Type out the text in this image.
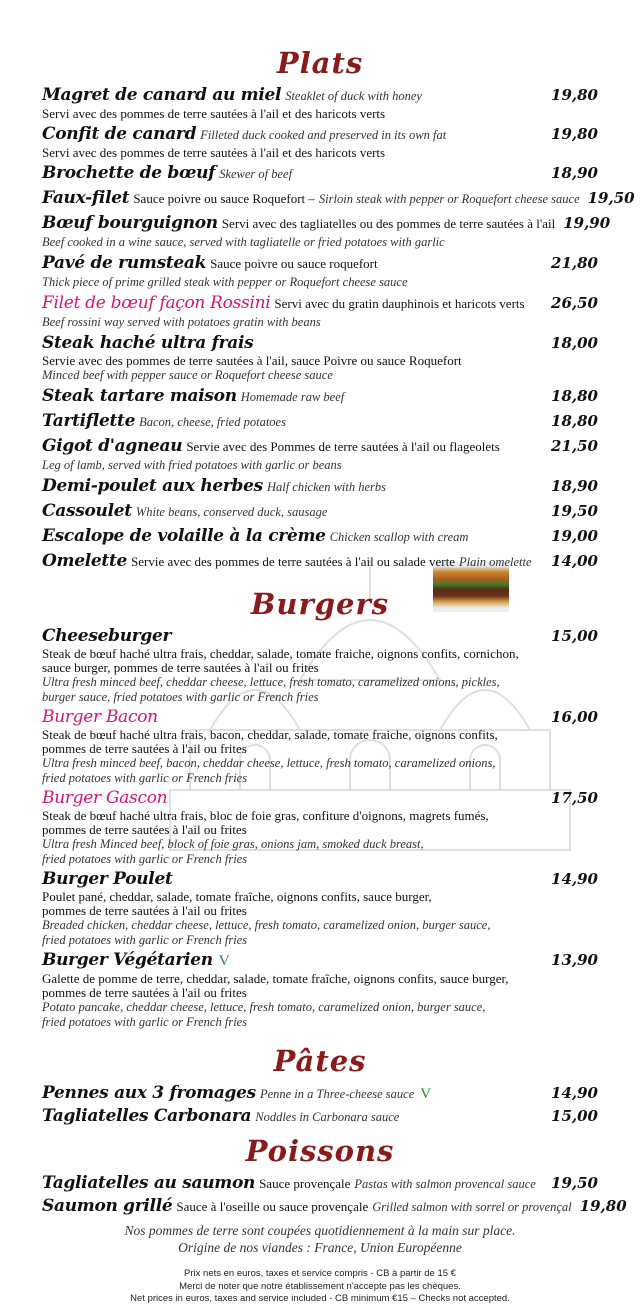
Plats
Magret de canard au miel Steaklet of duck with honey	19,80
Servi avec des pommes de terre sautées à l'ail et des haricots verts
Confit de canard Filleted duck cooked and preserved in its own fat	19,80
Servi avec des pommes de terre sautées à l'ail et des haricots verts
Brochette de bœuf Skewer of beef	18,90
Faux-filet Sauce poivre ou sauce Roquefort – Sirloin steak with pepper or Roquefort cheese sauce 19,50
Bœuf bourguignon Servi avec des tagliatelles ou des pommes de terre sautées à l'ail 19,90
Beef cooked in a wine sauce, served with tagliatelle or fried potatoes with garlic
Pavé de rumsteak Sauce poivre ou sauce roquefort	21,80
Thick piece of prime grilled steak with pepper or Roquefort cheese sauce
Filet de bœuf façon Rossini Servi avec du gratin dauphinois et haricots verts	26,50
Beef rossini way served with potatoes gratin with beans
Steak haché ultra frais	18,00
Servie avec des pommes de terre sautées à l'ail, sauce Poivre ou sauce Roquefort
Minced beef with pepper sauce or Roquefort cheese sauce
Steak tartare maison Homemade raw beef	18,80
Tartiflette Bacon, cheese, fried potatoes	18,80
Gigot d'agneau Servie avec des Pommes de terre sautées à l'ail ou flageolets	21,50
Leg of lamb, served with fried potatoes with garlic or beans
Demi-poulet aux herbes Half chicken with herbs	18,90
Cassoulet White beans, conserved duck, sausage	19,50
Escalope de volaille à la crème Chicken scallop with cream	19,00
Omelette Servie avec des pommes de terre sautées à l'ail ou salade verte Plain omelette	14,00
Burgers
Cheeseburger	15,00
Steak de bœuf haché ultra frais, cheddar, salade, tomate fraiche, oignons confits, cornichon,
sauce burger, pommes de terre sautées à l'ail ou frites
Ultra fresh minced beef, cheddar cheese, lettuce, fresh tomato, caramelized onions, pickles,
burger sauce, fried potatoes with garlic or French fries
Burger Bacon	16,00
Steak de bœuf haché ultra frais, bacon, cheddar, salade, tomate fraiche, oignons confits,
pommes de terre sautées à l'ail ou frites
Ultra fresh minced beef, bacon, cheddar cheese, lettuce, fresh tomato, caramelized onions,
fried potatoes with garlic or French fries
Burger Gascon	17,50
Steak de bœuf haché ultra frais, bloc de foie gras, confiture d'oignons, magrets fumés,
pommes de terre sautées à l'ail ou frites
Ultra fresh Minced beef, block of foie gras, onions jam, smoked duck breast,
fried potatoes with garlic or French fries
Burger Poulet	14,90
Poulet pané, cheddar, salade, tomate fraîche, oignons confits, sauce burger,
pommes de terre sautées à l'ail ou frites
Breaded chicken, cheddar cheese, lettuce, fresh tomato, caramelized onion, burger sauce,
fried potatoes with garlic or French fries
Burger Végétarien V	13,90
Galette de pomme de terre, cheddar, salade, tomate fraîche, oignons confits, sauce burger,
pommes de terre sautées à l'ail ou frites
Potato pancake, cheddar cheese, lettuce, fresh tomato, caramelized onion, burger sauce,
fried potatoes with garlic or French fries
Pâtes
Pennes aux 3 fromages Penne in a Three-cheese sauce V	14,90
Tagliatelles Carbonara Noddles in Carbonara sauce	15,00
Poissons
Tagliatelles au saumon Sauce provençale Pastas with salmon provencal sauce	19,50
Saumon grillé Sauce à l'oseille ou sauce provençale Grilled salmon with sorrel or provençal 19,80
Nos pommes de terre sont coupées quotidiennement à la main sur place.
Origine de nos viandes : France, Union Européenne
Prix nets en euros, taxes et service compris - CB à partir de 15 €
Merci de noter que notre établissement n'accepte pas les chèques.
Net prices in euros, taxes and service included - CB minimum €15 – Checks not accepted.
